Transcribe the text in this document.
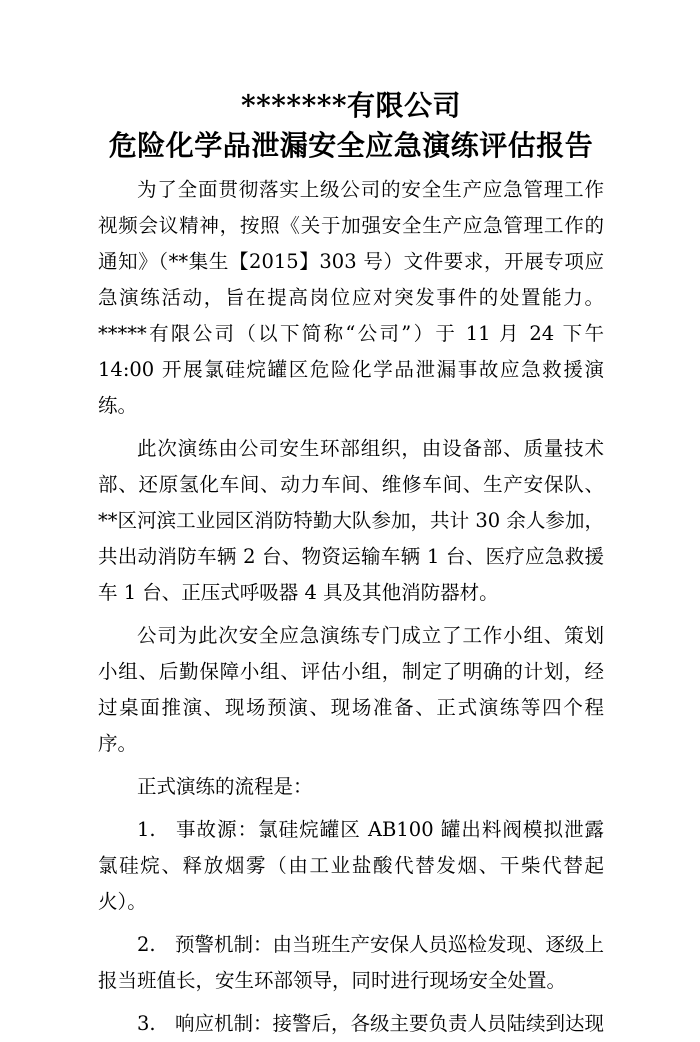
*******有限公司
危险化学品泄漏安全应急演练评估报告

为了全面贯彻落实上级公司的安全生产应急管理工作视频会议精神，按照《关于加强安全生产应急管理工作的通知》（**集生【2015】303 号）文件要求，开展专项应急演练活动，旨在提高岗位应对突发事件的处置能力。*****有限公司（以下简称“公司”）于 11 月 24 下午 14:00 开展氯硅烷罐区危险化学品泄漏事故应急救援演练。

此次演练由公司安生环部组织，由设备部、质量技术部、还原氢化车间、动力车间、维修车间、生产安保队、**区河滨工业园区消防特勤大队参加，共计 30 余人参加，共出动消防车辆 2 台、物资运输车辆 1 台、医疗应急救援车 1 台、正压式呼吸器 4 具及其他消防器材。

公司为此次安全应急演练专门成立了工作小组、策划小组、后勤保障小组、评估小组，制定了明确的计划，经过桌面推演、现场预演、现场准备、正式演练等四个程序。

正式演练的流程是：

1. 事故源：氯硅烷罐区 AB100 罐出料阀模拟泄露氯硅烷、释放烟雾（由工业盐酸代替发烟、干柴代替起火）。

2. 预警机制：由当班生产安保人员巡检发现、逐级上报当班值长，安生环部领导，同时进行现场安全处置。

3. 响应机制：接警后，各级主要负责人员陆续到达现
